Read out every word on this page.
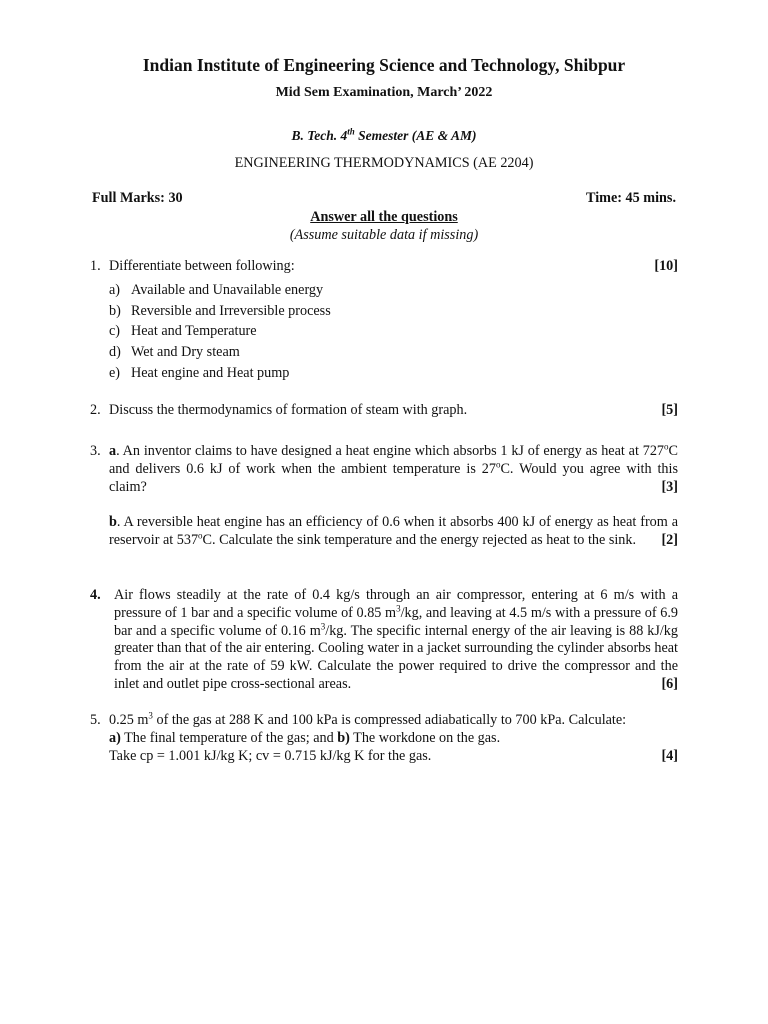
Indian Institute of Engineering Science and Technology, Shibpur
Mid Sem Examination, March’ 2022
B. Tech. 4th Semester (AE & AM)
ENGINEERING THERMODYNAMICS (AE 2204)
Full Marks: 30	Time: 45 mins.
Answer all the questions
(Assume suitable data if missing)
1.	[10]
Differentiate between following:
a) Available and Unavailable energy
b) Reversible and Irreversible process
c) Heat and Temperature
d) Wet and Dry steam
e) Heat engine and Heat pump
2.	[5]
Discuss the thermodynamics of formation of steam with graph.
3. a. An inventor claims to have designed a heat engine which absorbs 1 kJ of energy as heat at 727$^o$C and delivers 0.6 kJ of work when the ambient temperature is 27$^o$C. Would you agree with this claim?	[3]
b. A reversible heat engine has an efficiency of 0.6 when it absorbs 400 kJ of energy as heat from a reservoir at 537$^o$C. Calculate the sink temperature and the energy rejected as heat to the sink. [2]
4. Air flows steadily at the rate of 0.4 kg/s through an air compressor, entering at 6 m/s with a pressure of 1 bar and a specific volume of 0.85 $m^3/kg$, and leaving at 4.5 m/s with a pressure of 6.9 bar and a specific volume of 0.16 $m^3/kg$. The specific internal energy of the air leaving is 88 kJ/kg greater than that of the air entering. Cooling water in a jacket surrounding the cylinder absorbs heat from the air at the rate of 59 kW. Calculate the power required to drive the compressor and the inlet and outlet pipe cross-sectional areas.	[6]
5. 0.25 $m^3$ of the gas at 288 K and 100 kPa is compressed adiabatically to 700 kPa. Calculate:
a) The final temperature of the gas; and b) The workdone on the gas.
[4]
Take cp = 1.001 kJ/kg K; cv = 0.715 kJ/kg K for the gas.
